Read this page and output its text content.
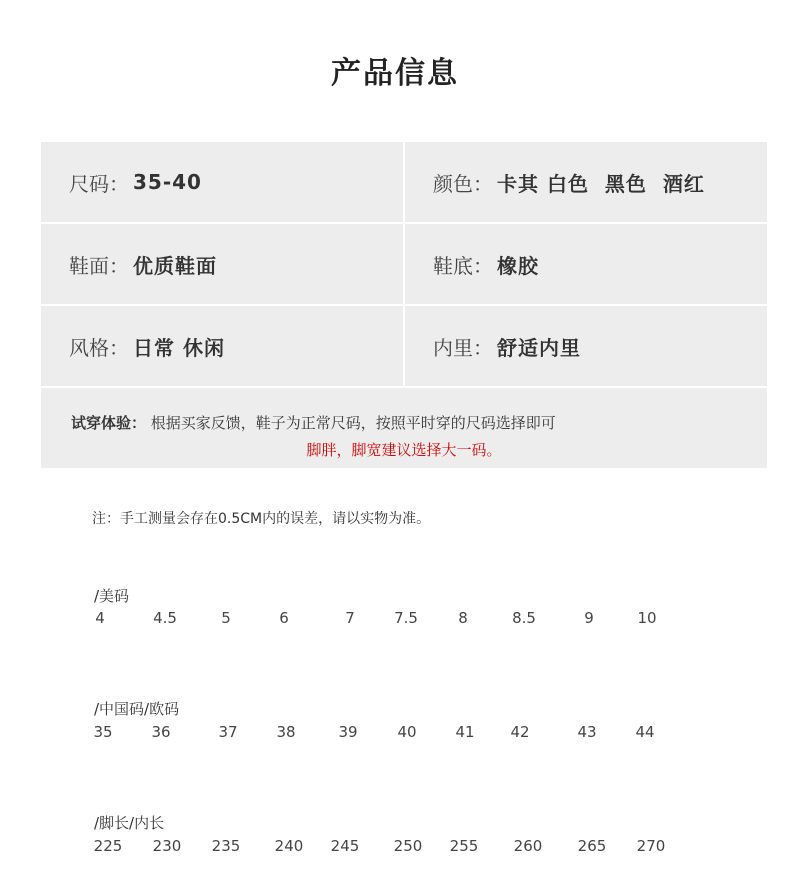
产品信息
尺码： 35-40	颜色： 卡其 白色  黑色  酒红
鞋面： 优质鞋面	鞋底： 橡胶
风格： 日常 休闲	内里： 舒适内里
试穿体验： 根据买家反馈，鞋子为正常尺码，按照平时穿的尺码选择即可
脚胖，脚宽建议选择大一码。
注：手工测量会存在0.5CM内的误差，请以实物为准。
/美码
4	4.5	5	6	7	7.5	8	8.5	9	10
/中国码/欧码
35	36	37	38	39	40	41 42	43	44
/脚长/内长
225 230 235 240 245 250 255 260 265 270
